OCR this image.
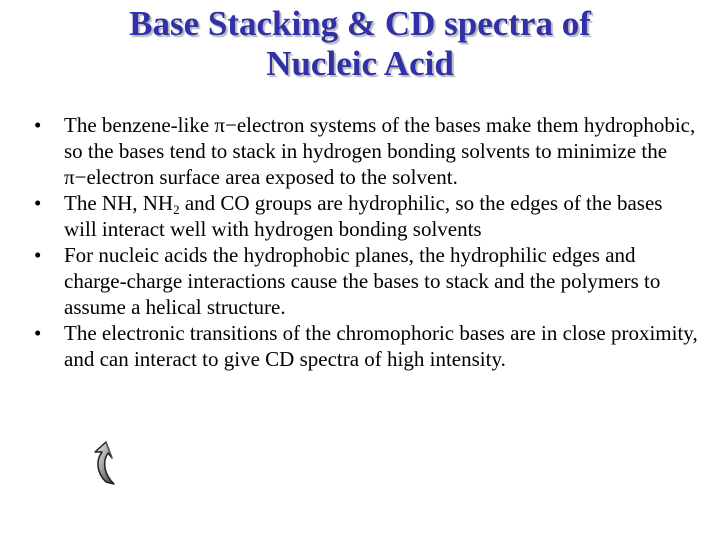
Base Stacking & CD spectra of
Nucleic Acid
• The benzene-like π−electron systems of the bases make them hydrophobic, so the bases tend to stack in hydrogen bonding solvents to minimize the π−electron surface area exposed to the solvent.
• The NH, $NH_2$ and CO groups are hydrophilic, so the edges of the bases will interact well with hydrogen bonding solvents
• For nucleic acids the hydrophobic planes, the hydrophilic edges and charge-charge interactions cause the bases to stack and the polymers to assume a helical structure.
• The electronic transitions of the chromophoric bases are in close proximity, and can interact to give CD spectra of high intensity.
